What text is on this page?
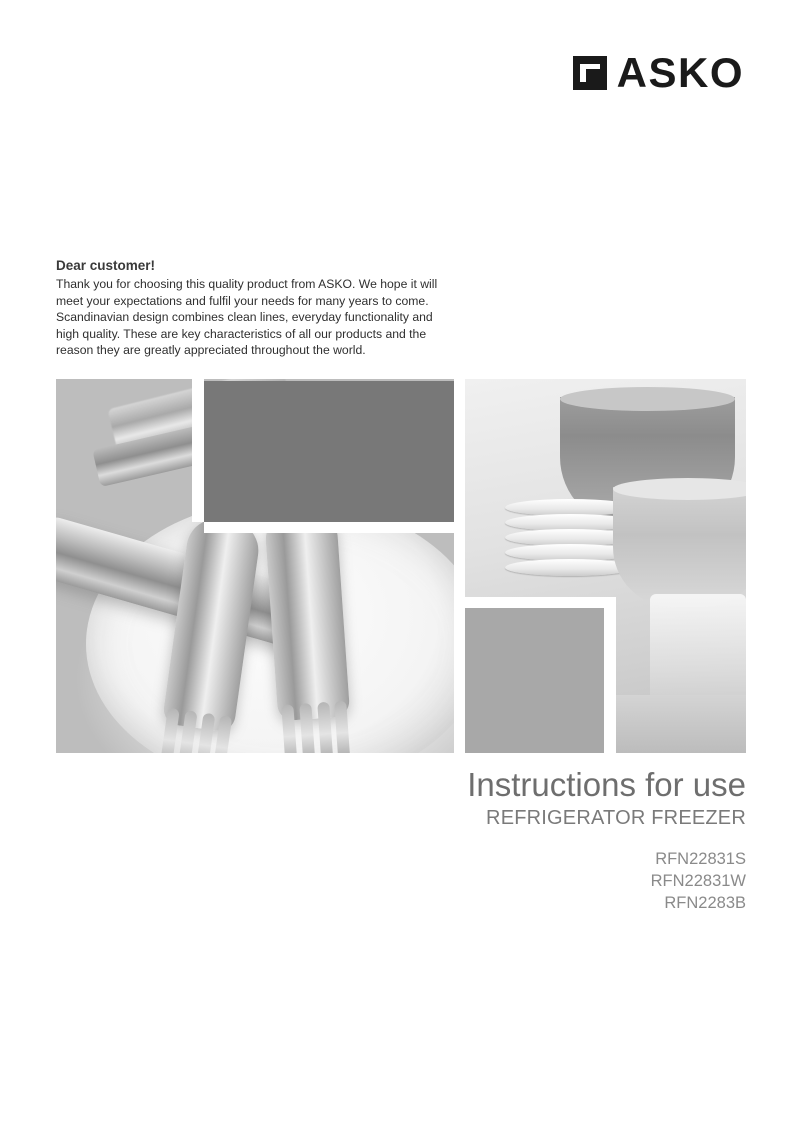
ASKO

Dear customer!

Thank you for choosing this quality product from ASKO. We hope it will meet your expectations and fulfil your needs for many years to come. Scandinavian design combines clean lines, everyday functionality and high quality. These are key characteristics of all our products and the reason they are greatly appreciated throughout the world.

Instructions for use
REFRIGERATOR FREEZER
RFN22831S
RFN22831W
RFN2283B
